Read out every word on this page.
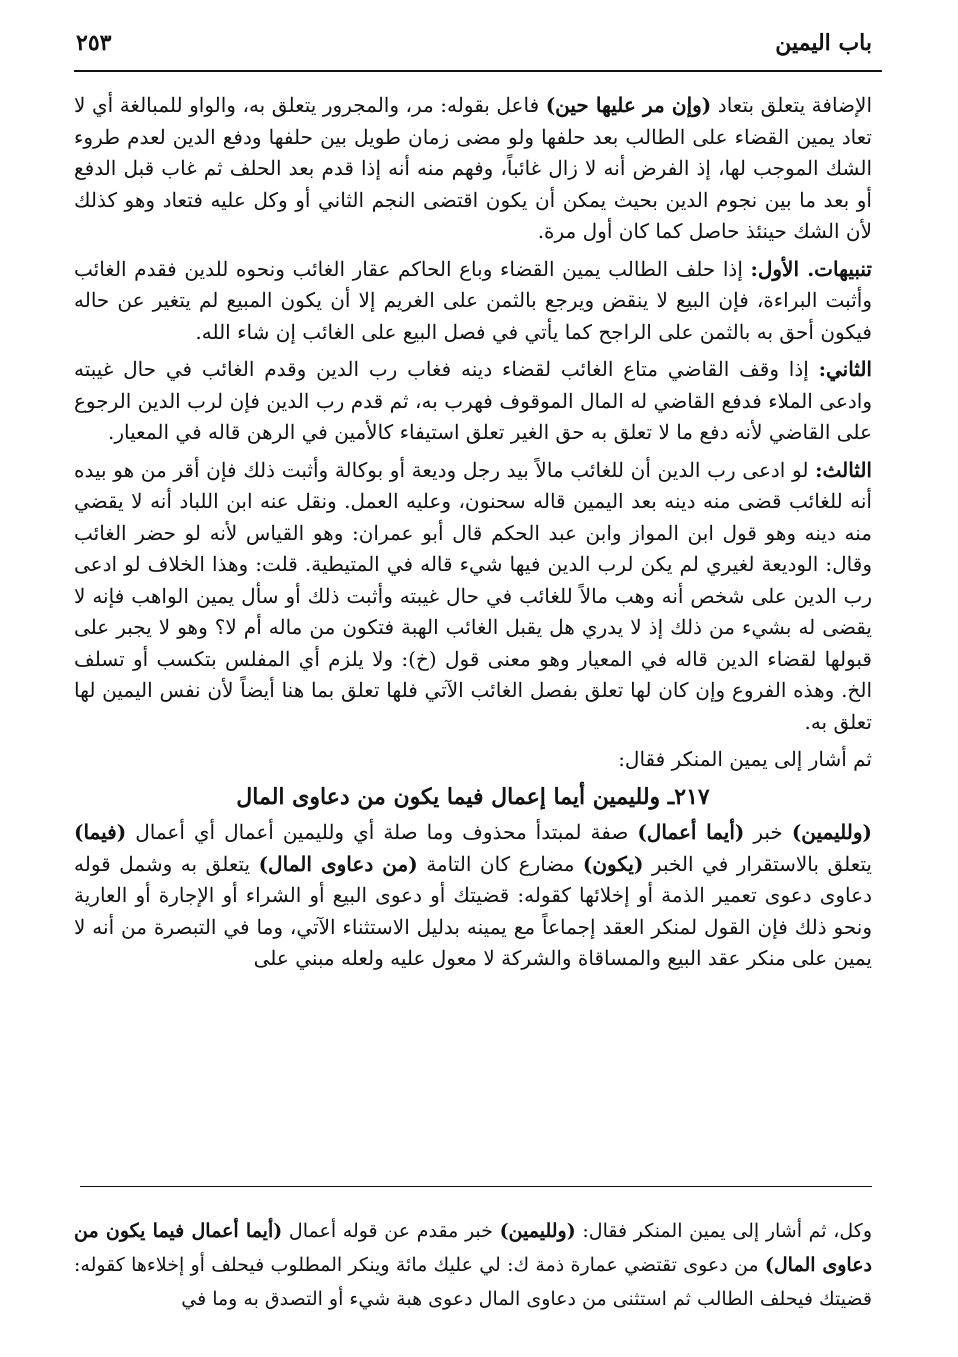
باب اليمين
٢٥٣

الإضافة يتعلق بتعاد (وإن مر عليها حين) فاعل بقوله: مر، والمجرور يتعلق به، والواو للمبالغة أي لا تعاد يمين القضاء على الطالب بعد حلفها ولو مضى زمان طويل بين حلفها ودفع الدين لعدم طروء الشك الموجب لها، إذ الفرض أنه لا زال غائباً، وفهم منه أنه إذا قدم بعد الحلف ثم غاب قبل الدفع أو بعد ما بين نجوم الدين بحيث يمكن أن يكون اقتضى النجم الثاني أو وكل عليه فتعاد وهو كذلك لأن الشك حينئذ حاصل كما كان أول مرة.

تنبيهات. الأول: إذا حلف الطالب يمين القضاء وباع الحاكم عقار الغائب ونحوه للدين فقدم الغائب وأثبت البراءة، فإن البيع لا ينقض ويرجع بالثمن على الغريم إلا أن يكون المبيع لم يتغير عن حاله فيكون أحق به بالثمن على الراجح كما يأتي في فصل البيع على الغائب إن شاء الله.

الثاني: إذا وقف القاضي متاع الغائب لقضاء دينه فغاب رب الدين وقدم الغائب في حال غيبته وادعى الملاء فدفع القاضي له المال الموقوف فهرب به، ثم قدم رب الدين فإن لرب الدين الرجوع على القاضي لأنه دفع ما لا تعلق به حق الغير تعلق استيفاء كالأمين في الرهن قاله في المعيار.

الثالث: لو ادعى رب الدين أن للغائب مالاً بيد رجل وديعة أو بوكالة وأثبت ذلك فإن أقر من هو بيده أنه للغائب قضى منه دينه بعد اليمين قاله سحنون، وعليه العمل. ونقل عنه ابن اللباد أنه لا يقضي منه دينه وهو قول ابن المواز وابن عبد الحكم قال أبو عمران: وهو القياس لأنه لو حضر الغائب وقال: الوديعة لغيري لم يكن لرب الدين فيها شيء قاله في المتيطية. قلت: وهذا الخلاف لو ادعى رب الدين على شخص أنه وهب مالاً للغائب في حال غيبته وأثبت ذلك أو سأل يمين الواهب فإنه لا يقضى له بشيء من ذلك إذ لا يدري هل يقبل الغائب الهبة فتكون من ماله أم لا؟ وهو لا يجبر على قبولها لقضاء الدين قاله في المعيار وهو معنى قول (خ): ولا يلزم أي المفلس بتكسب أو تسلف الخ. وهذه الفروع وإن كان لها تعلق بفصل الغائب الآتي فلها تعلق بما هنا أيضاً لأن نفس اليمين لها تعلق به.

ثم أشار إلى يمين المنكر فقال:

٢١٧ـ ولليمين أيما إعمال فيما يكون من دعاوى المال

(ولليمين) خبر (أيما أعمال) صفة لمبتدأ محذوف وما صلة أي ولليمين أعمال أي أعمال (فيما) يتعلق بالاستقرار في الخبر (يكون) مضارع كان التامة (من دعاوى المال) يتعلق به وشمل قوله دعاوى دعوى تعمير الذمة أو إخلائها كقوله: قضيتك أو دعوى البيع أو الشراء أو الإجارة أو العارية ونحو ذلك فإن القول لمنكر العقد إجماعاً مع يمينه بدليل الاستثناء الآتي، وما في التبصرة من أنه لا يمين على منكر عقد البيع والمساقاة والشركة لا معول عليه ولعله مبني على

وكل، ثم أشار إلى يمين المنكر فقال: (ولليمين) خبر مقدم عن قوله أعمال (أيما أعمال فيما يكون من دعاوى المال) من دعوى تقتضي عمارة ذمة ك: لي عليك مائة وينكر المطلوب فيحلف أو إخلاءها كقوله: قضيتك فيحلف الطالب ثم استثنى من دعاوى المال دعوى هبة شيء أو التصدق به وما في
